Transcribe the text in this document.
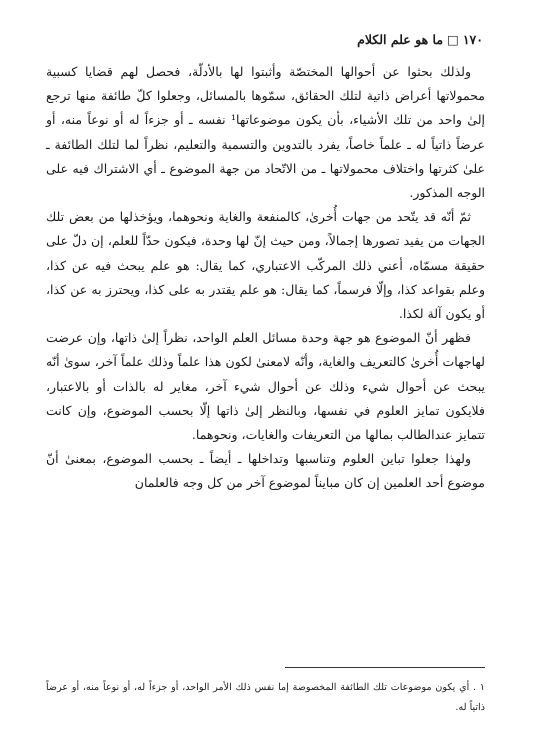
١٧٠□ما هو علم الكلام

ولذلك بحثوا عن أحوالها المختصّة وأثبتوا لها بالأدلّة، فحصل لهم قضايا كسبية محمولاتها أعراض ذاتية لتلك الحقائق، سمّوها بالمسائل، وجعلوا كلّ طائفة منها ترجع إلىٰ واحد من تلك الأشياء، بأن يكون موضوعاتها¹ نفسه ـ أو جزءاً له أو نوعاً منه، أو عرضاً ذاتياً له ـ علماً خاصاً، يفرد بالتدوين والتسمية والتعليم، نظراً لما لتلك الطائفة ـ علىٰ كثرتها واختلاف محمولاتها ـ من الاتّحاد من جهة الموضوع ـ أي الاشتراك فيه على الوجه المذكور.

ثمّ أنّه قد يتّحد من جهات أُخرىٰ، كالمنفعة والغاية ونحوهما، ويؤخذلها من بعض تلك الجهات من يفيد تصورها إجمالاً، ومن حيث إنّ لها وحدة، فيكون حدّاً للعلم، إن دلّ على حقيقة مسمّاه، أعني ذلك المركّب الاعتباري، كما يقال: هو علم يبحث فيه عن كذا، وعلم بقواعد كذا، وإلّا فرسماً، كما يقال: هو علم يقتدر به على كذا، ويحترز به عن كذا، أو يكون آلة لكذا.

فظهر أنّ الموضوع هو جهة وحدة مسائل العلم الواحد، نظراً إلىٰ ذاتها، وإن عرضت لهاجهات أُخرىٰ كالتعريف والغاية، وأنّه لامعنىٰ لكون هذا علماً وذلك علماً آخر، سوىٰ أنّه يبحث عن أحوال شيء وذلك عن أحوال شيء آخر، مغاير له بالذات أو بالاعتبار، فلايكون تمايز العلوم في نفسها، وبالنظر إلىٰ ذاتها إلّا بحسب الموضوع، وإن كانت تتمايز عندالطالب بمالها من التعريفات والغايات، ونحوهما.

ولهذا جعلوا تباين العلوم وتناسبها وتداخلها ـ أيضاً ـ بحسب الموضوع، بمعنىٰ أنّ موضوع أحد العلمين إن كان مبايناً لموضوع آخر من كل وجه فالعلمان

١ . أي يكون موضوعات تلك الطائفة المخصوصة إما نفس ذلك الأمر الواحد، أو جزءاً له، أو نوعاً منه، أو عرضاً ذاتياً له.
